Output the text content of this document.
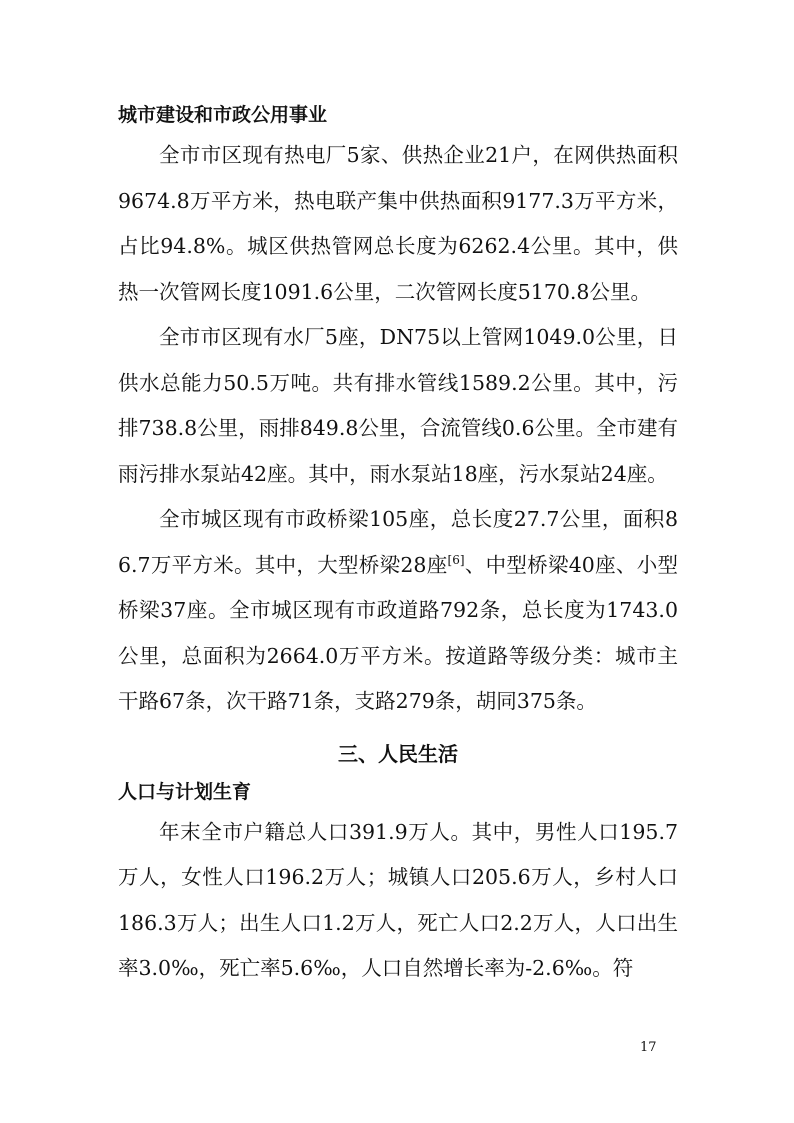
城市建设和市政公用事业

全市市区现有热电厂5家、供热企业21户，在网供热面积9674.8万平方米，热电联产集中供热面积9177.3万平方米，占比94.8%。城区供热管网总长度为6262.4公里。其中，供热一次管网长度1091.6公里，二次管网长度5170.8公里。

全市市区现有水厂5座，DN75以上管网1049.0公里，日供水总能力50.5万吨。共有排水管线1589.2公里。其中，污排738.8公里，雨排849.8公里，合流管线0.6公里。全市建有雨污排水泵站42座。其中，雨水泵站18座，污水泵站24座。

全市城区现有市政桥梁105座，总长度27.7公里，面积86.7万平方米。其中，大型桥梁28座[6]、中型桥梁40座、小型桥梁37座。全市城区现有市政道路792条，总长度为1743.0公里，总面积为2664.0万平方米。按道路等级分类：城市主干路67条，次干路71条，支路279条，胡同375条。

三、人民生活
人口与计划生育

年末全市户籍总人口391.9万人。其中，男性人口195.7万人，女性人口196.2万人；城镇人口205.6万人，乡村人口186.3万人；出生人口1.2万人，死亡人口2.2万人，人口出生率3.0‰，死亡率5.6‰，人口自然增长率为-2.6‰。符

17
